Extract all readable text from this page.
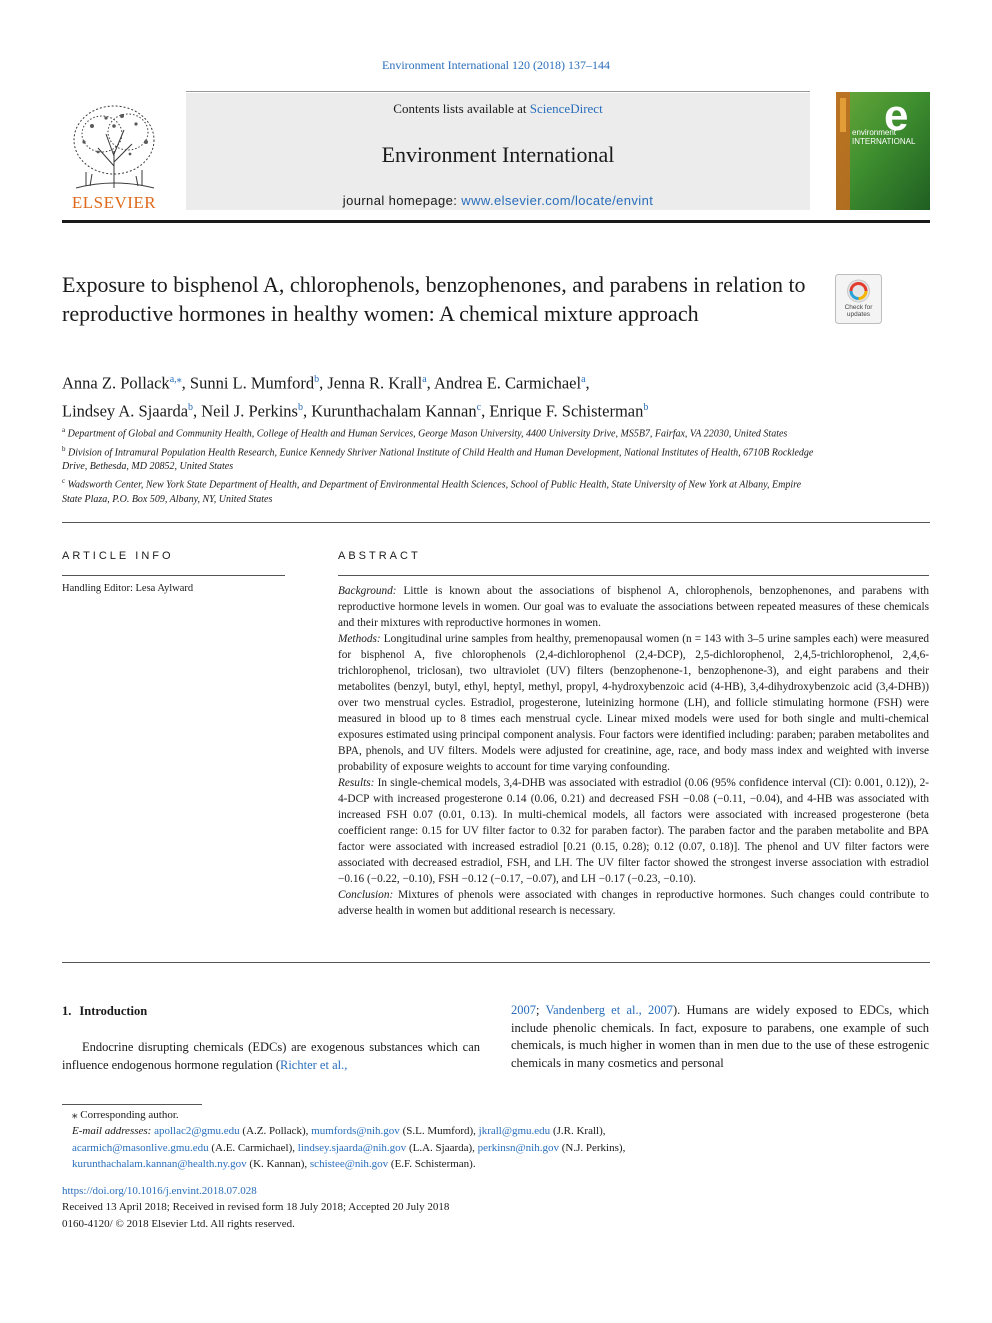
Environment International 120 (2018) 137–144
ELSEVIER
Contents lists available at ScienceDirect
Environment International
journal homepage: www.elsevier.com/locate/envint
e
environment INTERNATIONAL
Exposure to bisphenol A, chlorophenols, benzophenones, and parabens in relation to reproductive hormones in healthy women: A chemical mixture approach	Check for updates
Anna Z. Pollack$^{a,⁎}$, Sunni L. Mumford$^b$, Jenna R. Krall$^a$, Andrea E. Carmichael$^a$,
Lindsey A. Sjaarda$^b$, Neil J. Perkins$^b$, Kurunthachalam Kannan$^c$, Enrique F. Schisterman$^b$
$^a$ Department of Global and Community Health, College of Health and Human Services, George Mason University, 4400 University Drive, MS5B7, Fairfax, VA 22030, United States
$^b$ Division of Intramural Population Health Research, Eunice Kennedy Shriver National Institute of Child Health and Human Development, National Institutes of Health, 6710B Rockledge Drive, Bethesda, MD 20852, United States
$^c$ Wadsworth Center, New York State Department of Health, and Department of Environmental Health Sciences, School of Public Health, State University of New York at Albany, Empire State Plaza, P.O. Box 509, Albany, NY, United States
ARTICLE INFO
Handling Editor: Lesa Aylward
ABSTRACT

Background: Little is known about the associations of bisphenol A, chlorophenols, benzophenones, and parabens with reproductive hormone levels in women. Our goal was to evaluate the associations between repeated measures of these chemicals and their mixtures with reproductive hormones in women.

Methods: Longitudinal urine samples from healthy, premenopausal women (n = 143 with 3–5 urine samples each) were measured for bisphenol A, five chlorophenols (2,4-dichlorophenol (2,4-DCP), 2,5-dichlorophenol, 2,4,5-trichlorophenol, 2,4,6-trichlorophenol, triclosan), two ultraviolet (UV) filters (benzophenone-1, benzophenone-3), and eight parabens and their metabolites (benzyl, butyl, ethyl, heptyl, methyl, propyl, 4-hydroxybenzoic acid (4-HB), 3,4-dihydroxybenzoic acid (3,4-DHB)) over two menstrual cycles. Estradiol, progesterone, luteinizing hormone (LH), and follicle stimulating hormone (FSH) were measured in blood up to 8 times each menstrual cycle. Linear mixed models were used for both single and multi-chemical exposures estimated using principal component analysis. Four factors were identified including: paraben; paraben metabolites and BPA, phenols, and UV filters. Models were adjusted for creatinine, age, race, and body mass index and weighted with inverse probability of exposure weights to account for time varying confounding.

Results: In single-chemical models, 3,4-DHB was associated with estradiol (0.06 (95% confidence interval (CI): 0.001, 0.12)), 2-4-DCP with increased progesterone 0.14 (0.06, 0.21) and decreased FSH −0.08 (−0.11, −0.04), and 4-HB was associated with increased FSH 0.07 (0.01, 0.13). In multi-chemical models, all factors were associated with increased progesterone (beta coefficient range: 0.15 for UV filter factor to 0.32 for paraben factor). The paraben factor and the paraben metabolite and BPA factor were associated with increased estradiol [0.21 (0.15, 0.28); 0.12 (0.07, 0.18)]. The phenol and UV filter factors were associated with decreased estradiol, FSH, and LH. The UV filter factor showed the strongest inverse association with estradiol −0.16 (−0.22, −0.10), FSH −0.12 (−0.17, −0.07), and LH −0.17 (−0.23, −0.10).

Conclusion: Mixtures of phenols were associated with changes in reproductive hormones. Such changes could contribute to adverse health in women but additional research is necessary.

1. Introduction
Endocrine disrupting chemicals (EDCs) are exogenous substances which can influence endogenous hormone regulation (Richter et al.,
2007; Vandenberg et al., 2007). Humans are widely exposed to EDCs, which include phenolic chemicals. In fact, exposure to parabens, one example of such chemicals, is much higher in women than in men due to the use of these estrogenic chemicals in many cosmetics and personal
⁎ Corresponding author.
E-mail addresses: apollac2@gmu.edu (A.Z. Pollack), mumfords@nih.gov (S.L. Mumford), jkrall@gmu.edu (J.R. Krall),
acarmich@masonlive.gmu.edu (A.E. Carmichael), lindsey.sjaarda@nih.gov (L.A. Sjaarda), perkinsn@nih.gov (N.J. Perkins),
kurunthachalam.kannan@health.ny.gov (K. Kannan), schistee@nih.gov (E.F. Schisterman).
https://doi.org/10.1016/j.envint.2018.07.028
Received 13 April 2018; Received in revised form 18 July 2018; Accepted 20 July 2018
0160-4120/ © 2018 Elsevier Ltd. All rights reserved.
